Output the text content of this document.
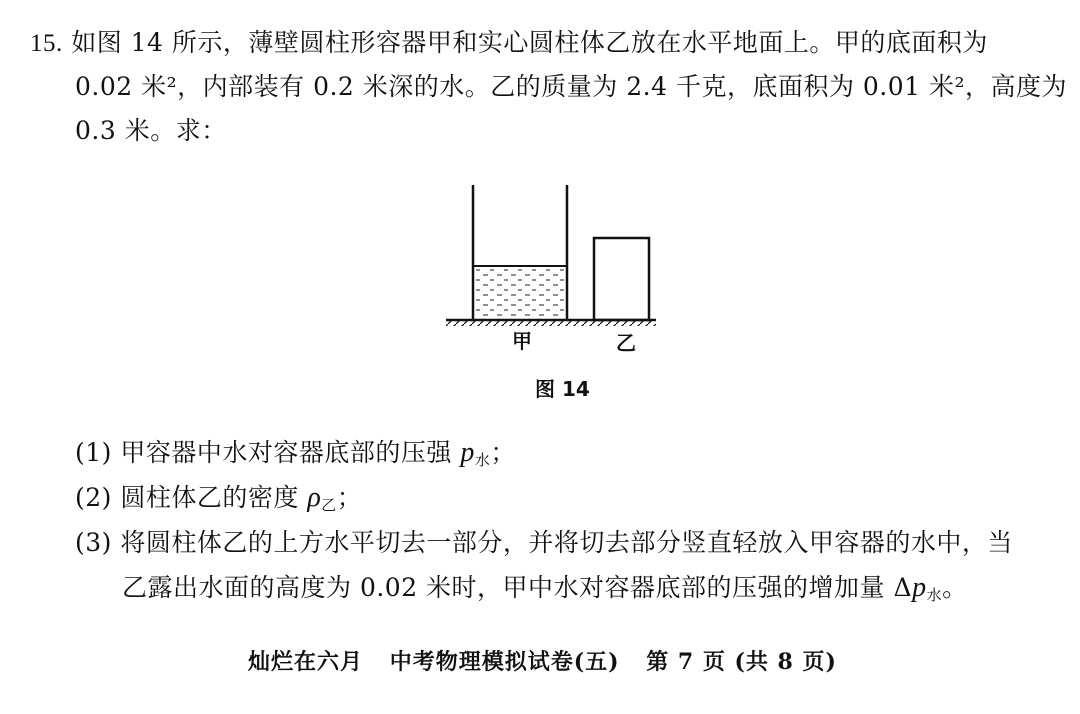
15. 如图 14 所示，薄壁圆柱形容器甲和实心圆柱体乙放在水平地面上。甲的底面积为
0.02 米²，内部装有 0.2 米深的水。乙的质量为 2.4 千克，底面积为 0.01 米²，高度为
0.3 米。求：
甲	乙
图 14
(1) 甲容器中水对容器底部的压强 $p_水$；
(2) 圆柱体乙的密度 $\rho_乙$；
(3) 将圆柱体乙的上方水平切去一部分，并将切去部分竖直轻放入甲容器的水中，当
乙露出水面的高度为 0.02 米时，甲中水对容器底部的压强的增加量 $\Delta p_水$。
灿烂在六月 中考物理模拟试卷(五) 第 7 页 (共 8 页)
